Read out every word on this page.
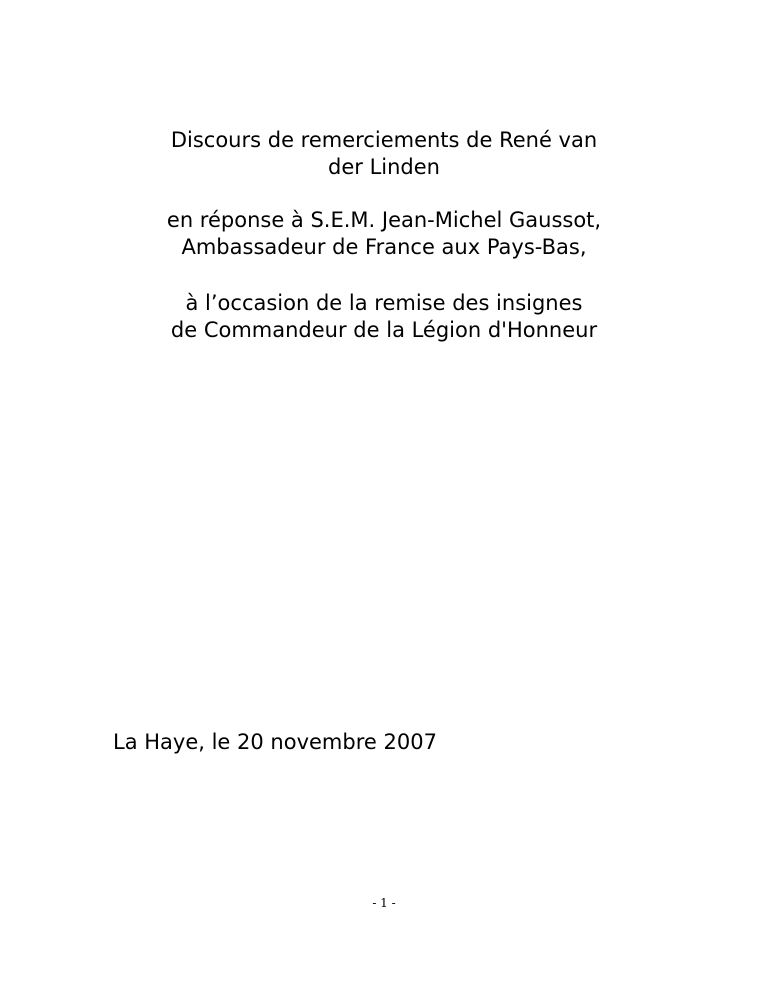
Discours de remerciements de René van
der Linden
en réponse à S.E.M. Jean-Michel Gaussot,
Ambassadeur de France aux Pays-Bas,
à l’occasion de la remise des insignes
de Commandeur de la Légion d'Honneur
La Haye, le 20 novembre 2007
- 1 -
